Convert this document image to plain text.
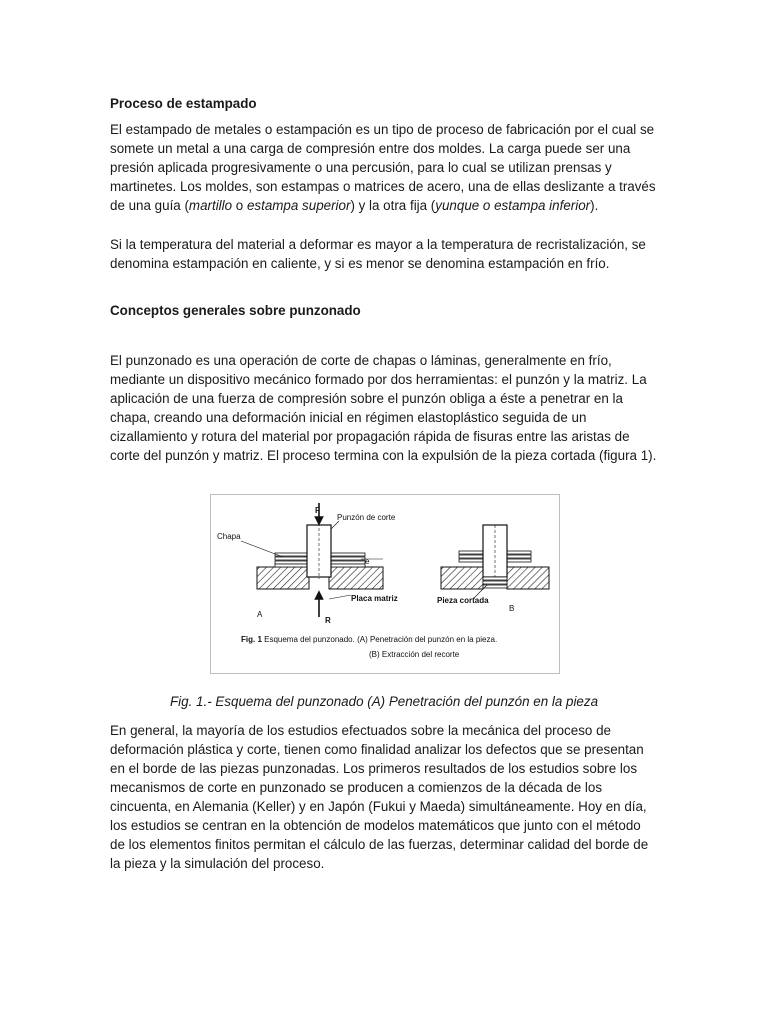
Proceso de estampado

El estampado de metales o estampación es un tipo de proceso de fabricación por el cual se somete un metal a una carga de compresión entre dos moldes. La carga puede ser una presión aplicada progresivamente o una percusión, para lo cual se utilizan prensas y martinetes. Los moldes, son estampas o matrices de acero, una de ellas deslizante a través de una guía (martillo o estampa superior) y la otra fija (yunque o estampa inferior).

Si la temperatura del material a deformar es mayor a la temperatura de recristalización, se denomina estampación en caliente, y si es menor se denomina estampación en frío.

Conceptos generales sobre punzonado

El punzonado es una operación de corte de chapas o láminas, generalmente en frío, mediante un dispositivo mecánico formado por dos herramientas: el punzón y la matriz. La aplicación de una fuerza de compresión sobre el punzón obliga a éste a penetrar en la chapa, creando una deformación inicial en régimen elastoplástico seguida de un cizallamiento y rotura del material por propagación rápida de fisuras entre las aristas de corte del punzón y matriz. El proceso termina con la expulsión de la pieza cortada (figura 1).

F
Punzón de corte
Chapa
e
Placa matriz
R
A
Pieza cortada
B
Fig. 1 Esquema del punzonado. (A) Penetración del punzón en la pieza.
(B) Extracción del recorte
Fig. 1.- Esquema del punzonado (A) Penetración del punzón en la pieza

En general, la mayoría de los estudios efectuados sobre la mecánica del proceso de deformación plástica y corte, tienen como finalidad analizar los defectos que se presentan en el borde de las piezas punzonadas. Los primeros resultados de los estudios sobre los mecanismos de corte en punzonado se producen a comienzos de la década de los cincuenta, en Alemania (Keller) y en Japón (Fukui y Maeda) simultáneamente. Hoy en día, los estudios se centran en la obtención de modelos matemáticos que junto con el método de los elementos finitos permitan el cálculo de las fuerzas, determinar calidad del borde de la pieza y la simulación del proceso.
